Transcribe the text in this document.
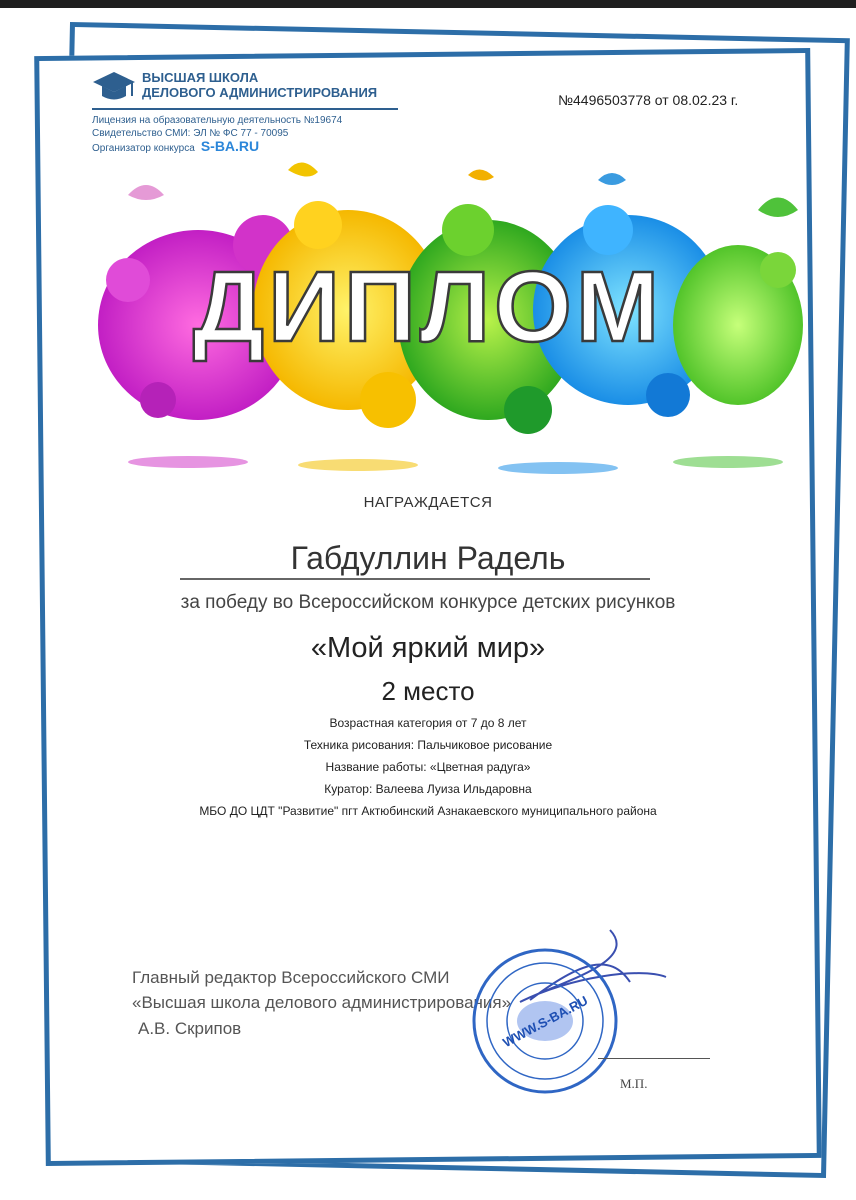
ВЫСШАЯ ШКОЛА
ДЕЛОВОГО АДМИНИСТРИРОВАНИЯ
Лицензия на образовательную деятельность №19674
Свидетельство СМИ: ЭЛ № ФС 77 - 70095
Организатор конкурса S-BA.RU
№4496503778 от 08.02.23 г.
ДИПЛОМ
НАГРАЖДАЕТСЯ
Габдуллин Радель
за победу во Всероссийском конкурсе детских рисунков
«Мой яркий мир»
2 место
Возрастная категория от 7 до 8 лет
Техника рисования: Пальчиковое рисование
Название работы: «Цветная радуга»
Куратор: Валеева Луиза Ильдаровна
МБО ДО ЦДТ "Развитие" пгт Актюбинский Азнакаевского муниципального района
Главный редактор Всероссийского СМИ
«Высшая школа делового администрирования»
А.В. Скрипов	WWW.S-BA.RU
М.П.
